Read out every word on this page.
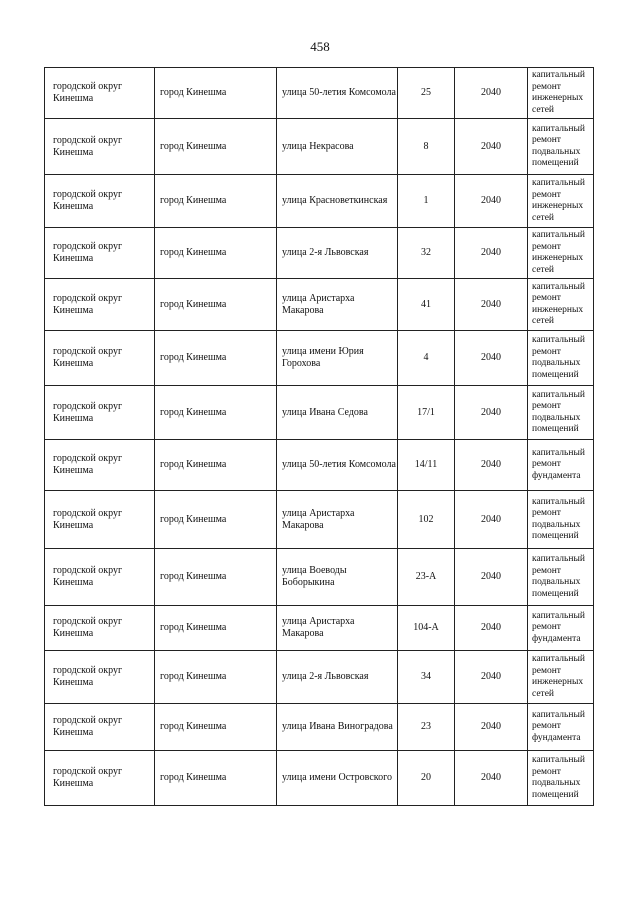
458
городской округ Кинешма	город Кинешма	улица 50-летия Комсомола	25	2040	капитальный ремонт инженерных сетей
городской округ Кинешма	город Кинешма	улица Некрасова	8	2040	капитальный ремонт подвальных помещений
городской округ Кинешма	город Кинешма	улица Красноветкинская	1	2040	капитальный ремонт инженерных сетей
городской округ Кинешма	город Кинешма	улица 2-я Львовская	32	2040	капитальный ремонт инженерных сетей
городской округ Кинешма	город Кинешма	улица Аристарха Макарова	41	2040	капитальный ремонт инженерных сетей
городской округ Кинешма	город Кинешма	улица имени Юрия Горохова	4	2040	капитальный ремонт подвальных помещений
городской округ Кинешма	город Кинешма	улица Ивана Седова	17/1	2040	капитальный ремонт подвальных помещений
городской округ Кинешма	город Кинешма	улица 50-летия Комсомола	14/11	2040	капитальный ремонт фундамента
городской округ Кинешма	город Кинешма	улица Аристарха Макарова	102	2040	капитальный ремонт подвальных помещений
городской округ Кинешма	город Кинешма	улица Воеводы Боборыкина	23-А	2040	капитальный ремонт подвальных помещений
городской округ Кинешма	город Кинешма	улица Аристарха Макарова	104-А	2040	капитальный ремонт фундамента
городской округ Кинешма	город Кинешма	улица 2-я Львовская	34	2040	капитальный ремонт инженерных сетей
городской округ Кинешма	город Кинешма	улица Ивана Виноградова	23	2040	капитальный ремонт фундамента
городской округ Кинешма	город Кинешма	улица имени Островского	20	2040	капитальный ремонт подвальных помещений
